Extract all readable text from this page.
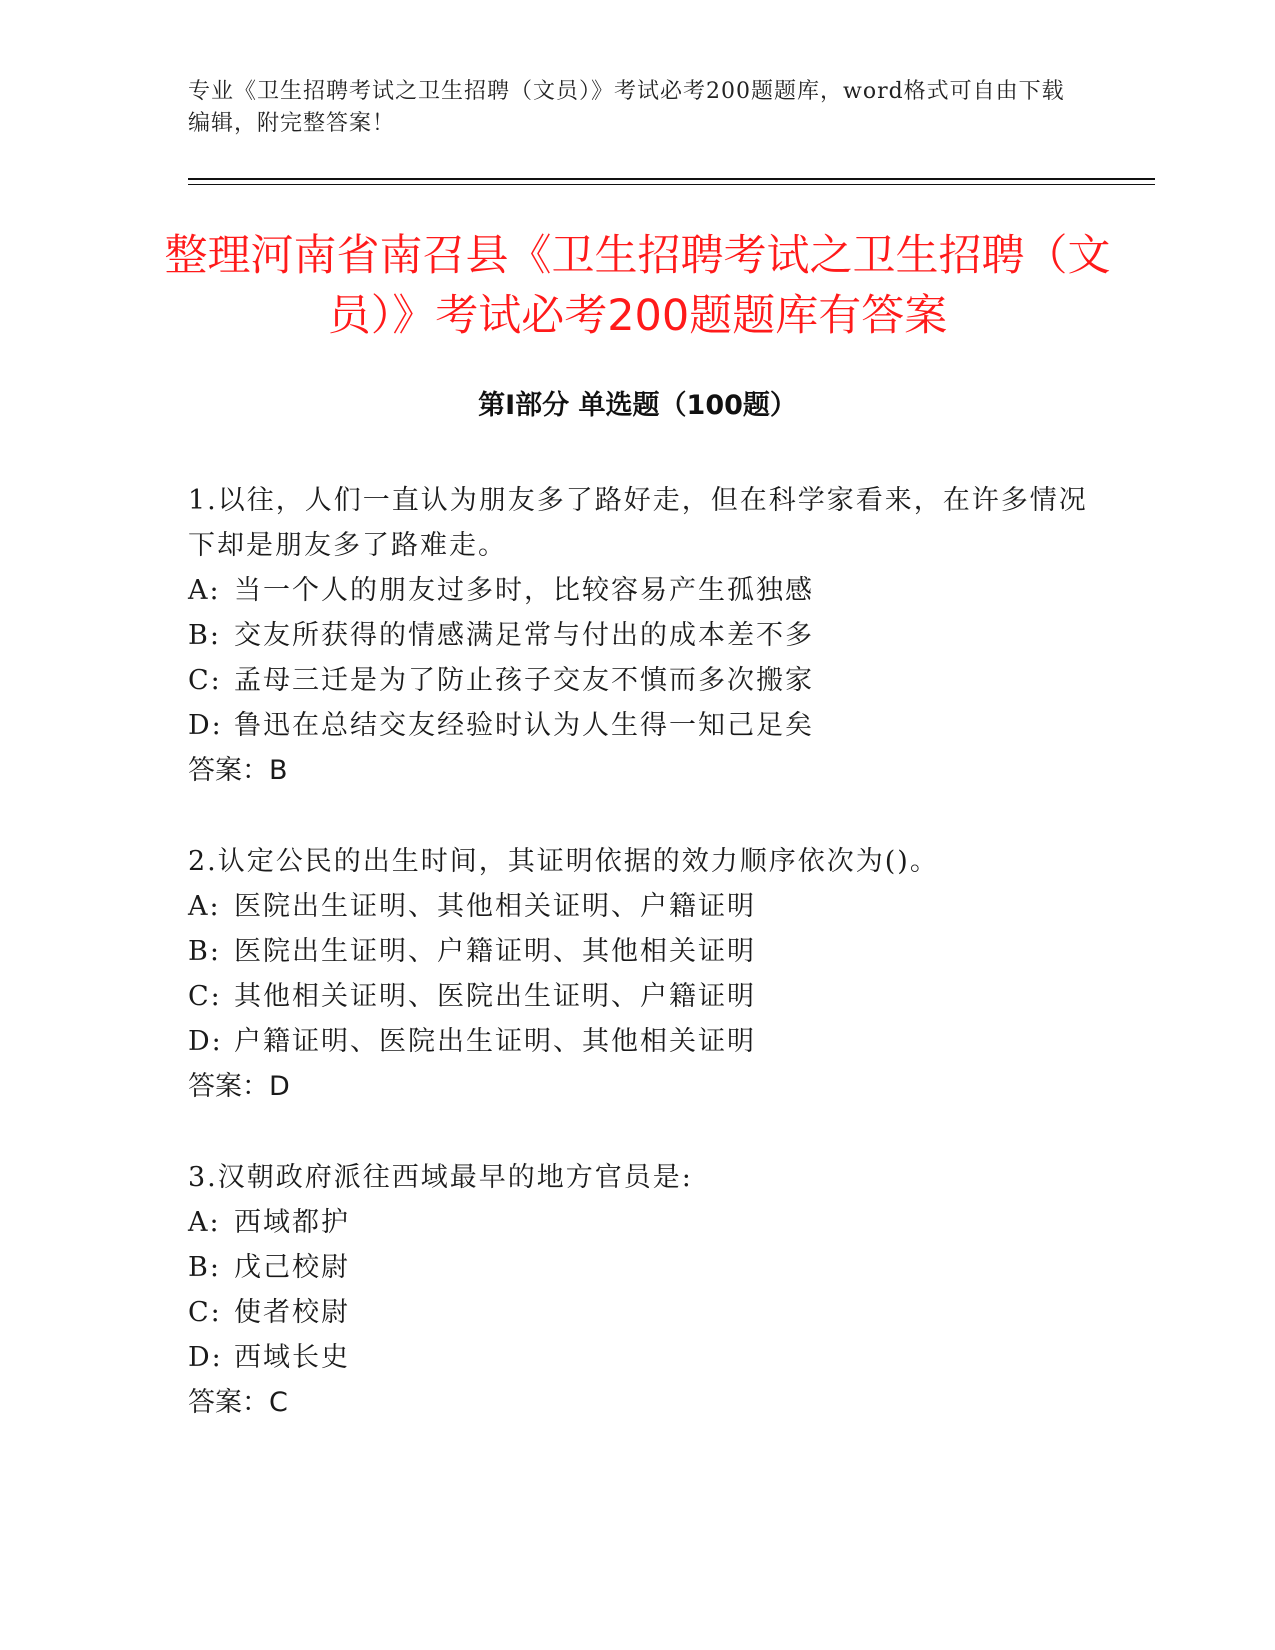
专业《卫生招聘考试之卫生招聘（文员）》考试必考200题题库，word格式可自由下载编辑，附完整答案！
整理河南省南召县《卫生招聘考试之卫生招聘（文员）》考试必考200题题库有答案
第I部分 单选题（100题）

1.以往，人们一直认为朋友多了路好走，但在科学家看来，在许多情况下却是朋友多了路难走。

A: 当一个人的朋友过多时，比较容易产生孤独感

B: 交友所获得的情感满足常与付出的成本差不多

C: 孟母三迁是为了防止孩子交友不慎而多次搬家

D: 鲁迅在总结交友经验时认为人生得一知己足矣

答案：B

2.认定公民的出生时间，其证明依据的效力顺序依次为()。

A: 医院出生证明、其他相关证明、户籍证明

B: 医院出生证明、户籍证明、其他相关证明

C: 其他相关证明、医院出生证明、户籍证明

D: 户籍证明、医院出生证明、其他相关证明

答案：D

3.汉朝政府派往西域最早的地方官员是:

A: 西域都护

B: 戊己校尉

C: 使者校尉

D: 西域长史

答案：C
